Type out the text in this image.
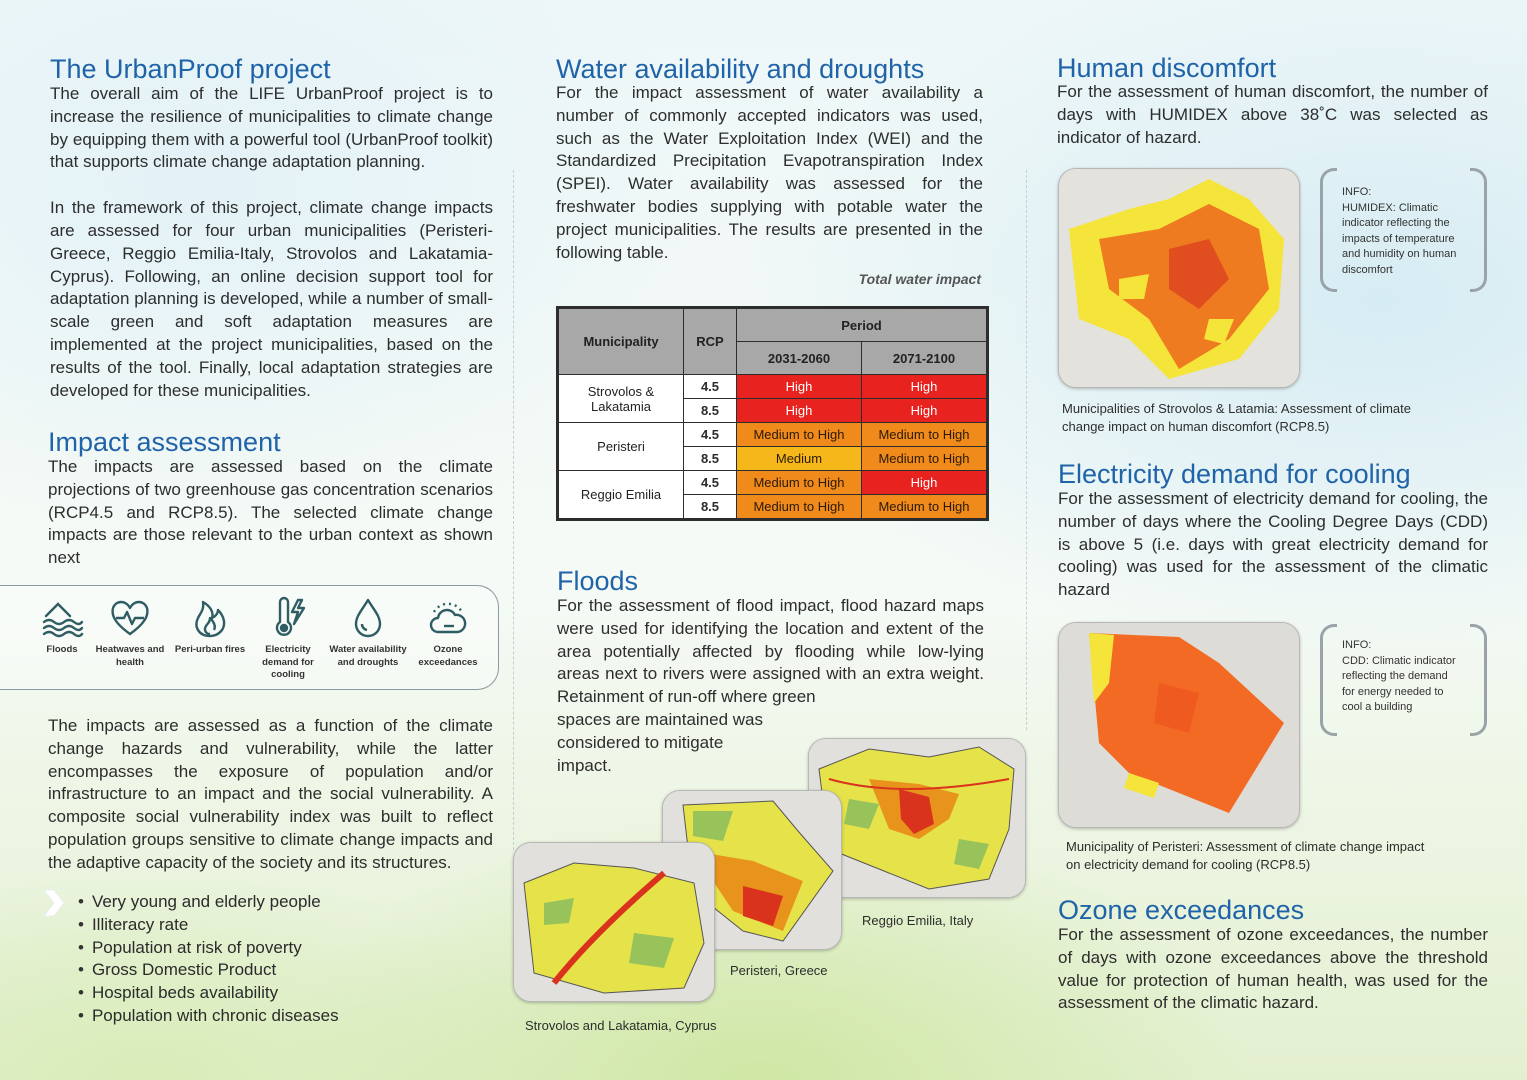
The UrbanProof project

The overall aim of the LIFE UrbanProof project is to increase the resilience of municipalities to climate change by equipping them with a powerful tool (UrbanProof toolkit) that supports climate change adaptation planning.

In the framework of this project, climate change impacts are assessed for four urban municipalities (Peristeri-Greece, Reggio Emilia-Italy, Strovolos and Lakatamia-Cyprus). Following, an online decision support tool for adaptation planning is developed, while a number of small-scale green and soft adaptation measures are implemented at the project municipalities, based on the results of the tool. Finally, local adaptation strategies are developed for these municipalities.

Impact assessment
The impacts are assessed based on the climate projections of two greenhouse gas concentration scenarios (RCP4.5 and RCP8.5). The selected climate change impacts are those relevant to the urban context as shown next
Floods	Heatwaves and health
Peri-urban fires	Electricity demand for cooling
Water availability and droughts
Ozone exceedances
The impacts are assessed as a function of the climate change hazards and vulnerability, while the latter encompasses the exposure of population and/or infrastructure to an impact and the social vulnerability. A composite social vulnerability index was built to reflect population groups sensitive to climate change impacts and the adaptive capacity of the society and its structures.
• Very young and elderly people
• Illiteracy rate
• Population at risk of poverty
• Gross Domestic Product
• Hospital beds availability
• Population with chronic diseases
Water availability and droughts
For the impact assessment of water availability a number of commonly accepted indicators was used, such as the Water Exploitation Index (WEI) and the Standardized Precipitation Evapotranspiration Index (SPEI). Water availability was assessed for the freshwater bodies supplying with potable water the project municipalities. The results are presented in the following table.
Total water impact
Municipality	RCP	Period	
		2031-2060	2071-2100
Strovolos & Lakatamia	4.5	High	High
	8.5	High	High
Peristeri	4.5	Medium to High	Medium to High
	8.5	Medium	Medium to High
Reggio Emilia	4.5	Medium to High	High
	8.5	Medium to High	Medium to High
Floods
For the assessment of flood impact, flood hazard maps were used for identifying the location and extent of the area potentially affected by flooding while low-lying areas next to rivers were assigned with an extra weight. Retainment of run-off where green
spaces are maintained was
considered to mitigate
impact.
Reggio Emilia, Italy
Peristeri, Greece
Strovolos and Lakatamia, Cyprus
Human discomfort
For the assessment of human discomfort, the number of days with HUMIDEX above 38˚C was selected as indicator of hazard.
INFO:
HUMIDEX: Climatic indicator reflecting the impacts of temperature and humidity on human discomfort
Municipalities of Strovolos & Latamia: Assessment of climate change impact on human discomfort (RCP8.5)
Electricity demand for cooling
For the assessment of electricity demand for cooling, the number of days where the Cooling Degree Days (CDD) is above 5 (i.e. days with great electricity demand for cooling) was used for the assessment of the climatic hazard
INFO:
CDD: Climatic indicator reflecting the demand for energy needed to cool a building
Municipality of Peristeri: Assessment of climate change impact on electricity demand for cooling (RCP8.5)
Ozone exceedances
For the assessment of ozone exceedances, the number of days with ozone exceedances above the threshold value for protection of human health, was used for the assessment of the climatic hazard.
